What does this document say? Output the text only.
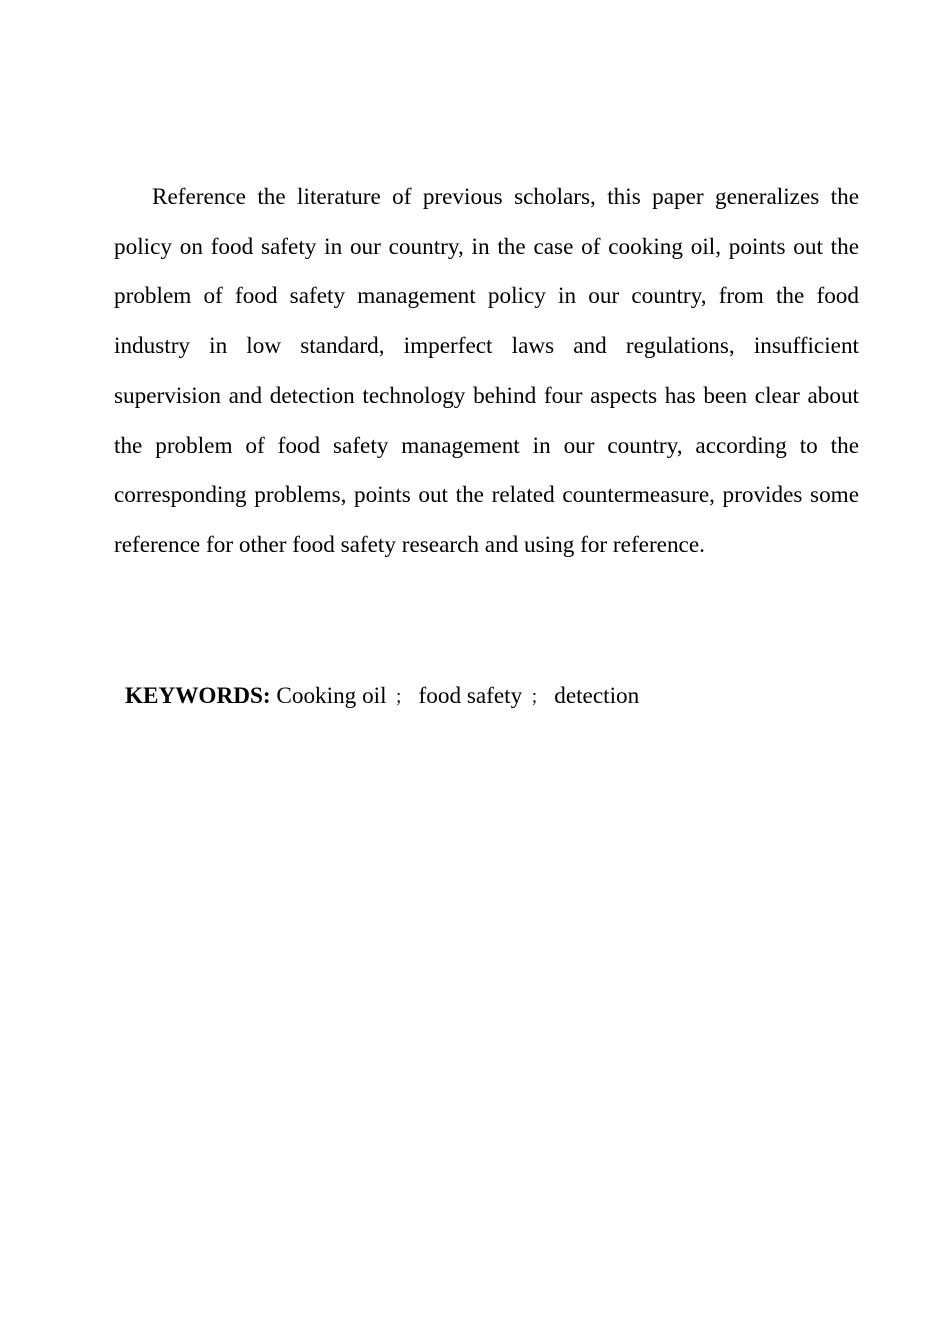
Reference the literature of previous scholars, this paper generalizes the policy on food safety in our country, in the case of cooking oil, points out the problem of food safety management policy in our country, from the food industry in low standard, imperfect laws and regulations, insufficient supervision and detection technology behind four aspects has been clear about the problem of food safety management in our country, according to the corresponding problems, points out the related countermeasure, provides some reference for other food safety research and using for reference.

KEYWORDS: Cooking oil ； food safety ； detection
